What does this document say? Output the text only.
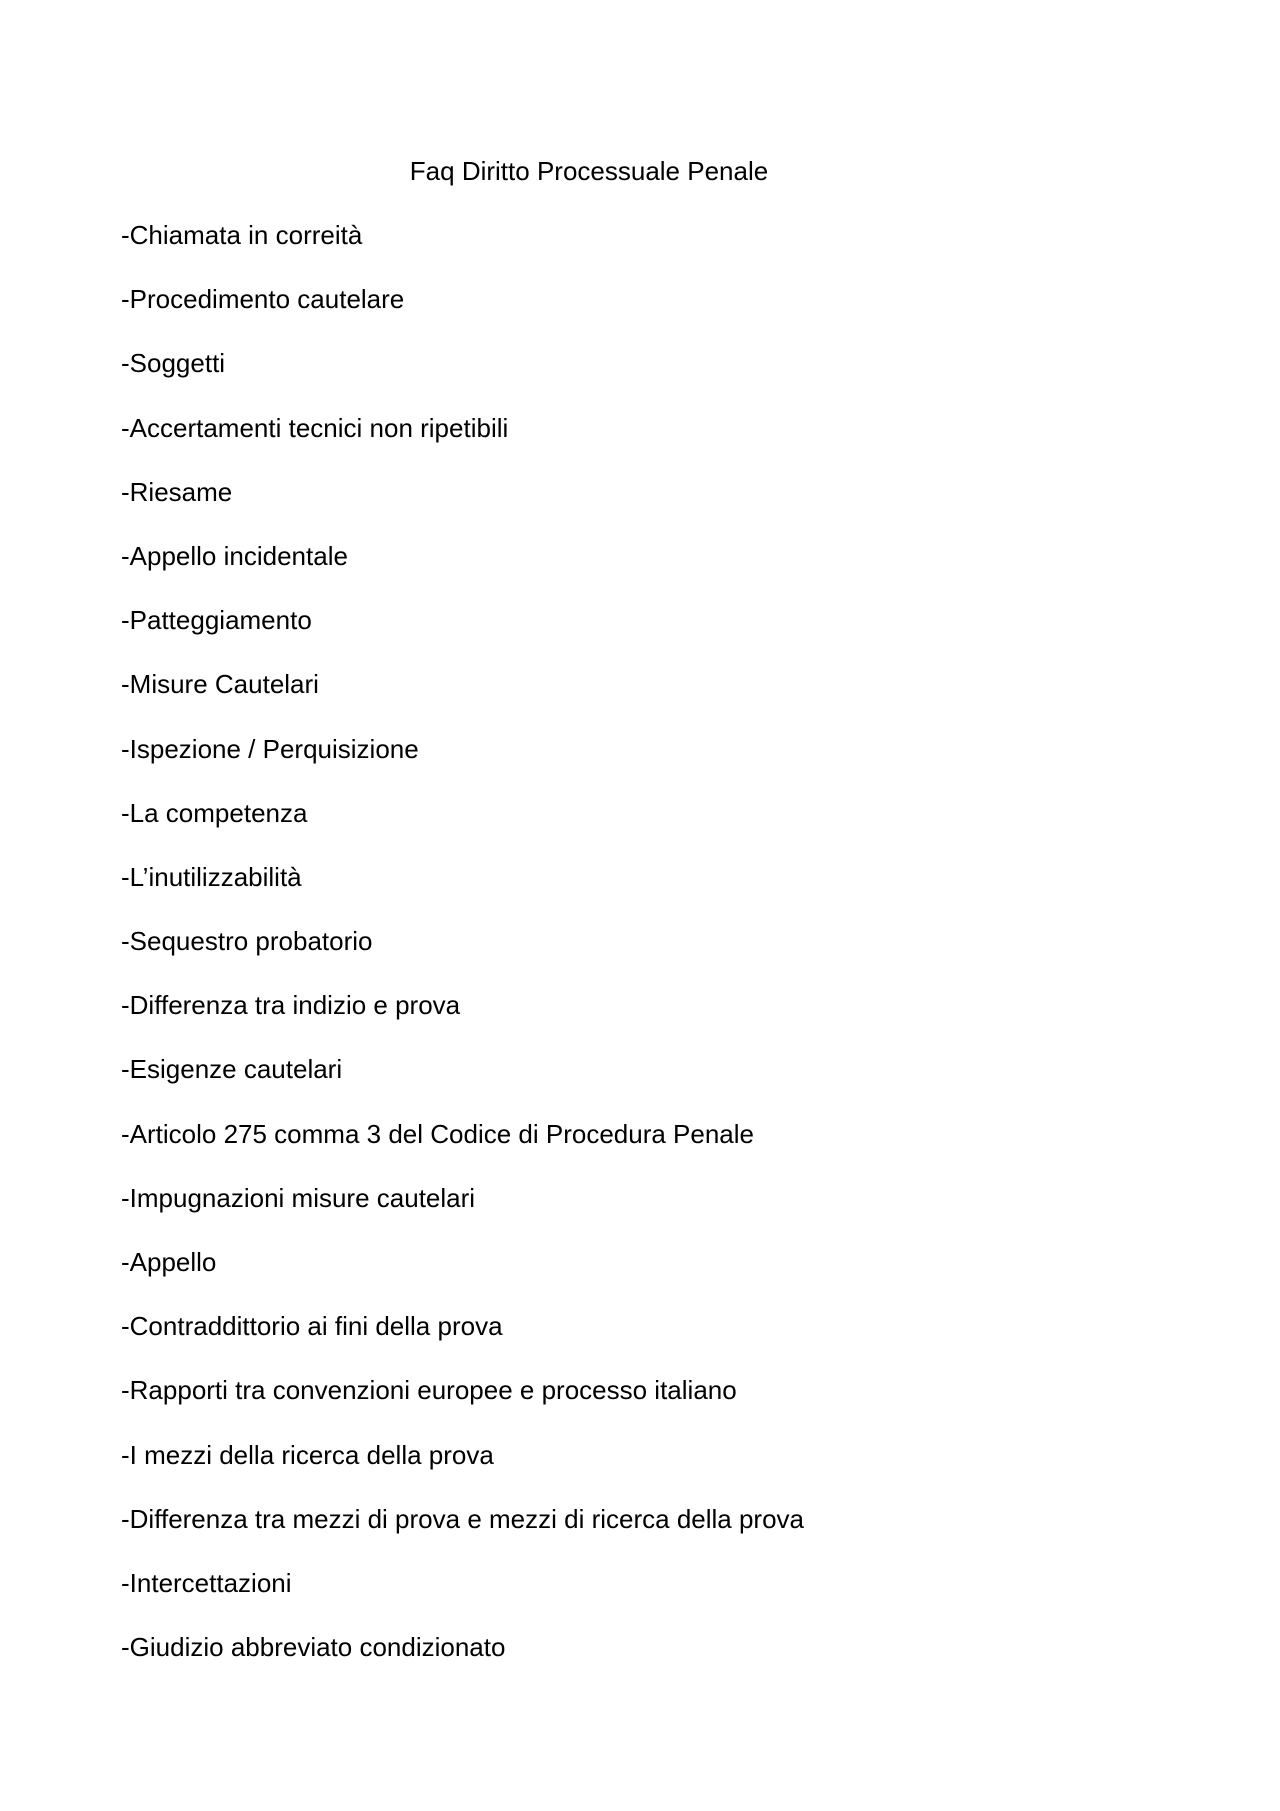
Faq Diritto Processuale Penale
-Chiamata in correità
-Procedimento cautelare
-Soggetti
-Accertamenti tecnici non ripetibili
-Riesame
-Appello incidentale
-Patteggiamento
-Misure Cautelari
-Ispezione / Perquisizione
-La competenza
-L’inutilizzabilità
-Sequestro probatorio
-Differenza tra indizio e prova
-Esigenze cautelari
-Articolo 275 comma 3 del Codice di Procedura Penale
-Impugnazioni misure cautelari
-Appello
-Contraddittorio ai fini della prova
-Rapporti tra convenzioni europee e processo italiano
-I mezzi della ricerca della prova
-Differenza tra mezzi di prova e mezzi di ricerca della prova
-Intercettazioni
-Giudizio abbreviato condizionato
